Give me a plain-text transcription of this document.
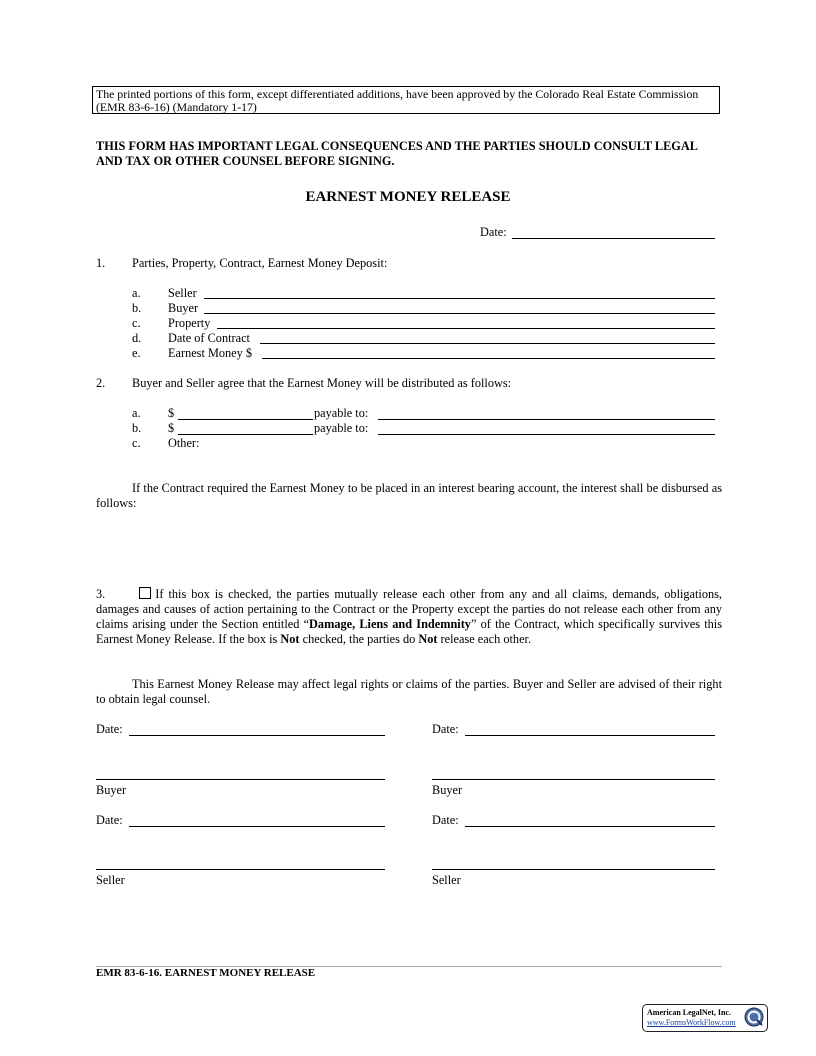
The printed portions of this form, except differentiated additions, have been approved by the Colorado Real Estate Commission
(EMR 83-6-16) (Mandatory 1-17)
THIS FORM HAS IMPORTANT LEGAL CONSEQUENCES AND THE PARTIES SHOULD CONSULT LEGAL AND TAX OR OTHER COUNSEL BEFORE SIGNING.
EARNEST MONEY RELEASE
Date:
1. Parties, Property, Contract, Earnest Money Deposit:
a. Seller
b. Buyer
c. Property
d. Date of Contract
e. Earnest Money $
2. Buyer and Seller agree that the Earnest Money will be distributed as follows:
a. $	payable to:
b. $	payable to:
c. Other:
If the Contract required the Earnest Money to be placed in an interest bearing account, the interest shall be disbursed as follows:
3.	If this box is checked, the parties mutually release each other from any and all claims, demands, obligations, damages and causes of action pertaining to the Contract or the Property except the parties do not release each other from any claims arising under the Section entitled “Damage, Liens and Indemnity” of the Contract, which specifically survives this Earnest Money Release. If the box is Not checked, the parties do Not release each other.
This Earnest Money Release may affect legal rights or claims of the parties. Buyer and Seller are advised of their right to obtain legal counsel.
Date:	Date:
Buyer	Buyer
Date:	Date:
Seller	Seller
EMR 83-6-16. EARNEST MONEY RELEASE
American LegalNet, Inc.
www.FormsWorkFlow.com
